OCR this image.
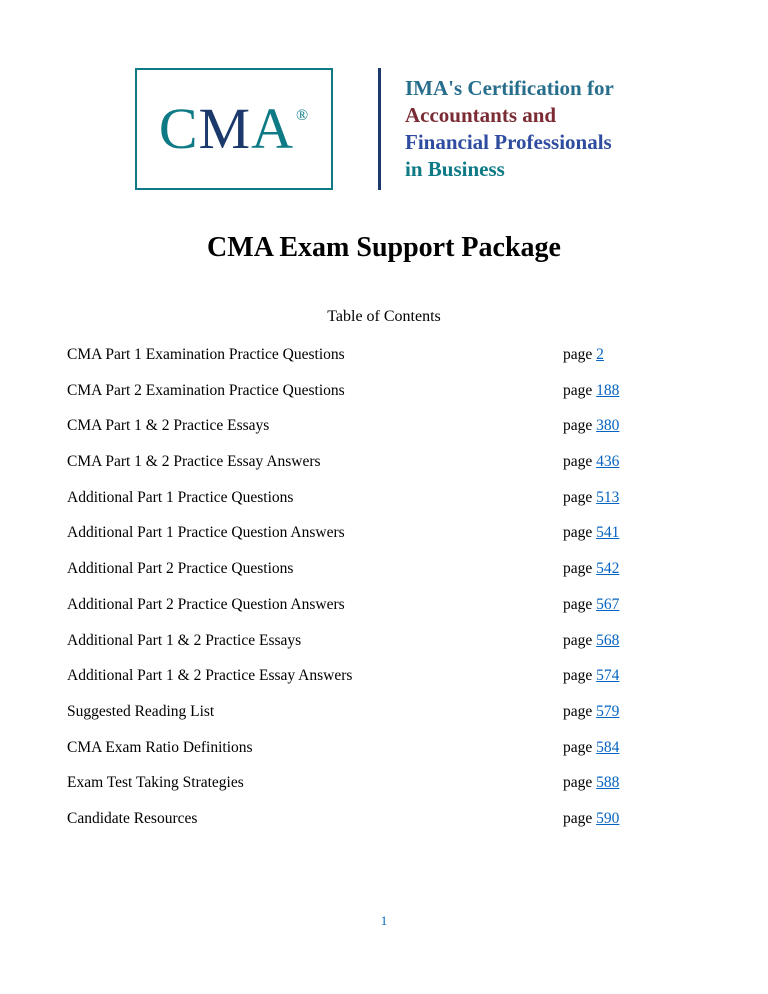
CMA ®
IMA's Certification for
Accountants and
Financial Professionals
in Business
CMA Exam Support Package
Table of Contents
CMA Part 1 Examination Practice Questions	page 2
CMA Part 2 Examination Practice Questions	page 188
CMA Part 1 & 2 Practice Essays	page 380
CMA Part 1 & 2 Practice Essay Answers	page 436
Additional Part 1 Practice Questions	page 513
Additional Part 1 Practice Question Answers	page 541
Additional Part 2 Practice Questions	page 542
Additional Part 2 Practice Question Answers	page 567
Additional Part 1 & 2 Practice Essays	page 568
Additional Part 1 & 2 Practice Essay Answers	page 574
Suggested Reading List	page 579
CMA Exam Ratio Definitions	page 584
Exam Test Taking Strategies	page 588
Candidate Resources	page 590
1
